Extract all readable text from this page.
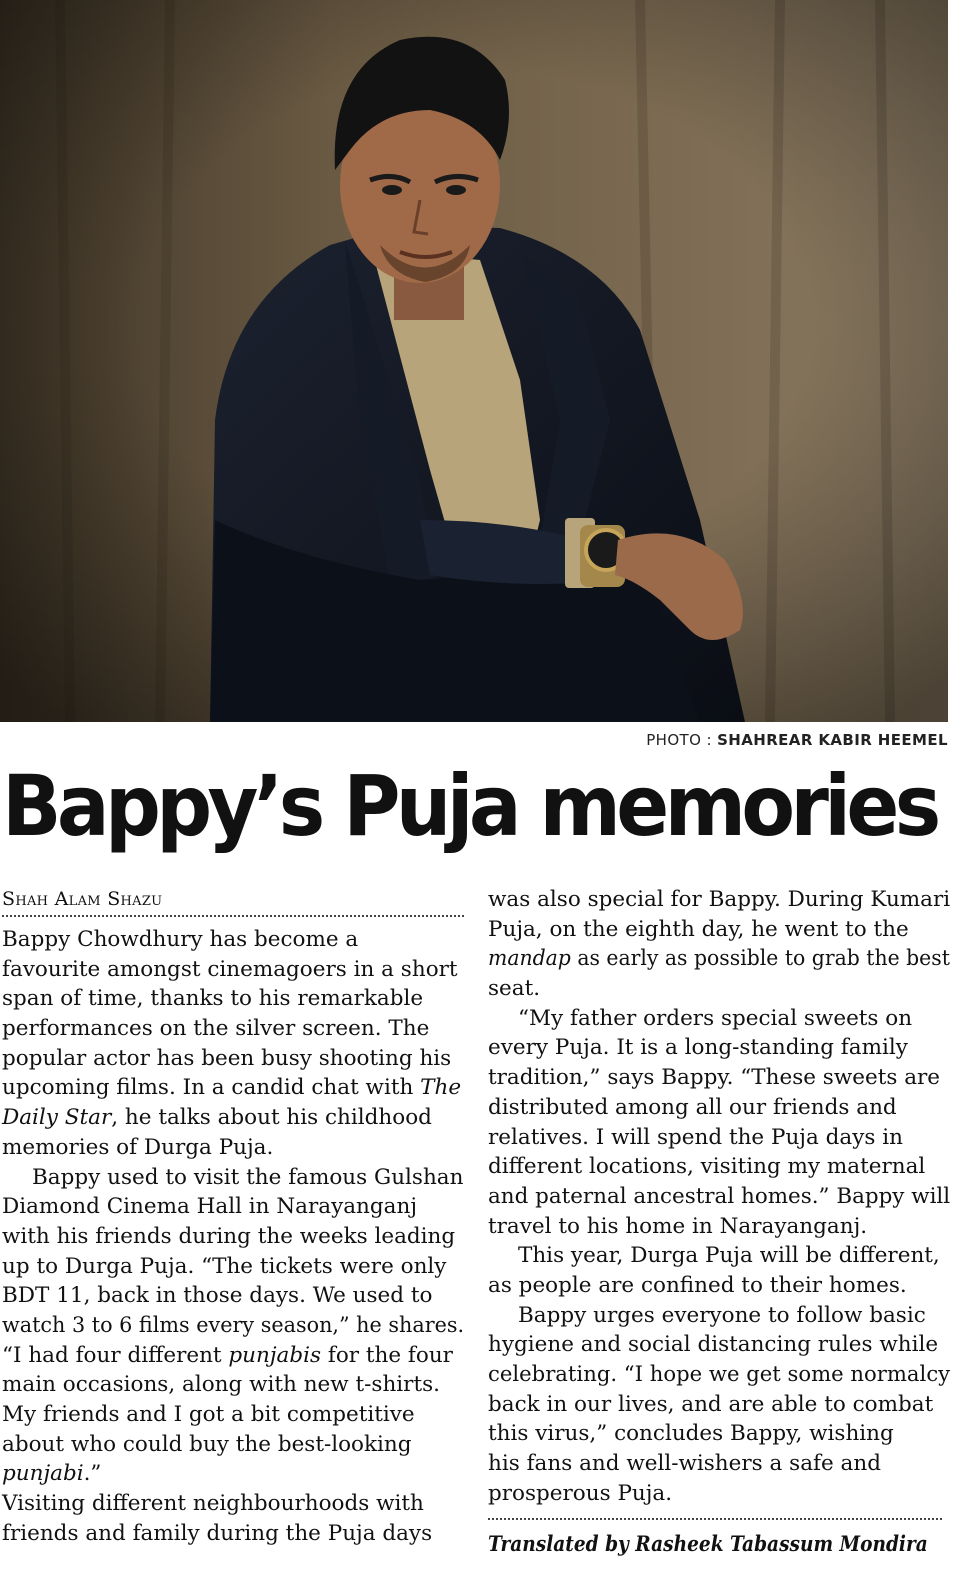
PHOTO : SHAHREAR KABIR HEEMEL
Bappy’s Puja memories
Shah Alam Shazu
Bappy Chowdhury has become a
favourite amongst cinemagoers in a short
span of time, thanks to his remarkable
performances on the silver screen. The
popular actor has been busy shooting his
upcoming films. In a candid chat with The
Daily Star, he talks about his childhood
memories of Durga Puja.
Bappy used to visit the famous Gulshan
Diamond Cinema Hall in Narayanganj
with his friends during the weeks leading
up to Durga Puja. “The tickets were only
BDT 11, back in those days. We used to
watch 3 to 6 films every season,” he shares.
“I had four different punjabis for the four
main occasions, along with new t-shirts.
My friends and I got a bit competitive
about who could buy the best-looking
punjabi.”
Visiting different neighbourhoods with
friends and family during the Puja days
was also special for Bappy. During Kumari
Puja, on the eighth day, he went to the
mandap as early as possible to grab the best
seat.
“My father orders special sweets on
every Puja. It is a long-standing family
tradition,” says Bappy. “These sweets are
distributed among all our friends and
relatives. I will spend the Puja days in
different locations, visiting my maternal
and paternal ancestral homes.” Bappy will
travel to his home in Narayanganj.
This year, Durga Puja will be different,
as people are confined to their homes.
Bappy urges everyone to follow basic
hygiene and social distancing rules while
celebrating. “I hope we get some normalcy
back in our lives, and are able to combat
this virus,” concludes Bappy, wishing
his fans and well-wishers a safe and
prosperous Puja.
Translated by Rasheek Tabassum Mondira
